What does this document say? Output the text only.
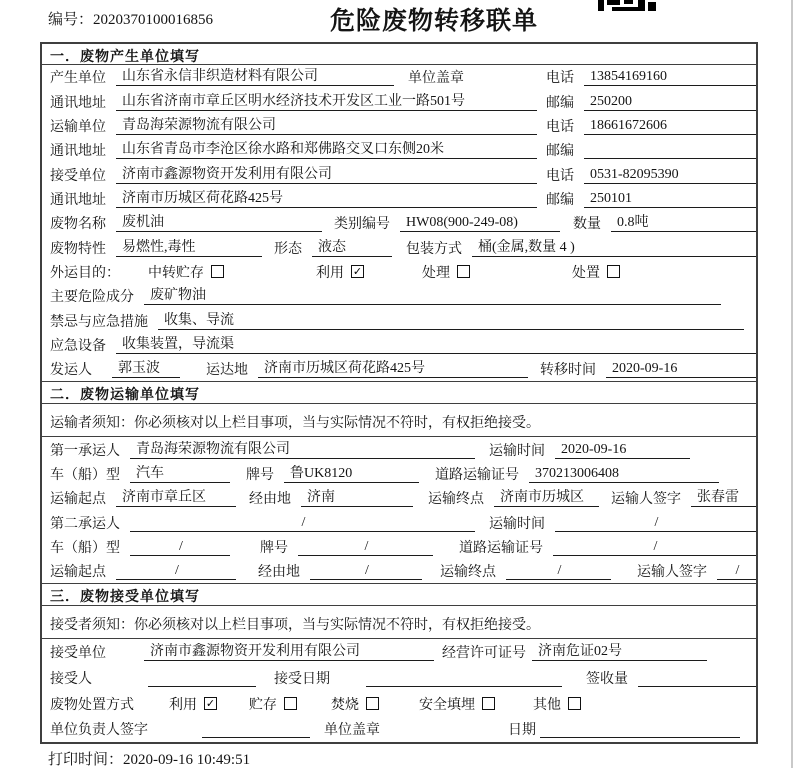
编号：2020370100016856	危险废物转移联单
一．废物产生单位填写
产生单位	山东省永信非织造材料有限公司	单位盖章	电话	13854169160
通讯地址	山东省济南市章丘区明水经济技术开发区工业一路501号	邮编	250200
运输单位	青岛海荣源物流有限公司	电话	18661672606
通讯地址	山东省青岛市李沧区徐水路和郑佛路交叉口东侧20米	邮编
接受单位	济南市鑫源物资开发利用有限公司	电话	0531-82095390
通讯地址	济南市历城区荷花路425号	邮编	250101
废物名称	废机油	类别编号	HW08(900-249-08)	数量	0.8吨
废物特性	易燃性,毒性	形态	液态	包装方式	桶(金属,数量 4 )
外运目的： 中转贮存	利用 ✓	处理	处置
主要危险成分	废矿物油
禁忌与应急措施	收集、导流
应急设备	收集装置，导流渠
发运人	郭玉波	运达地	济南市历城区荷花路425号	转移时间	2020-09-16
二．废物运输单位填写
运输者须知：你必须核对以上栏目事项，当与实际情况不符时，有权拒绝接受。
第一承运人	青岛海荣源物流有限公司	运输时间	2020-09-16
车（船）型	汽车	牌号	鲁UK8120	道路运输证号	370213006408
运输起点	济南市章丘区	经由地	济南	运输终点	济南市历城区	运输人签字	张春雷
第二承运人	/	运输时间	/
车（船）型	/	牌号	/	道路运输证号	/
运输起点	/	经由地	/	运输终点	/	运输人签字	/
三．废物接受单位填写
接受者须知：你必须核对以上栏目事项，当与实际情况不符时，有权拒绝接受。
接受单位	济南市鑫源物资开发利用有限公司	经营许可证号 济南危证02号
接受人	接受日期	签收量
废物处置方式	利用 ✓ 贮存	焚烧	安全填埋	其他
单位负责人签字	单位盖章	日期
打印时间：2020-09-16 10:49:51
